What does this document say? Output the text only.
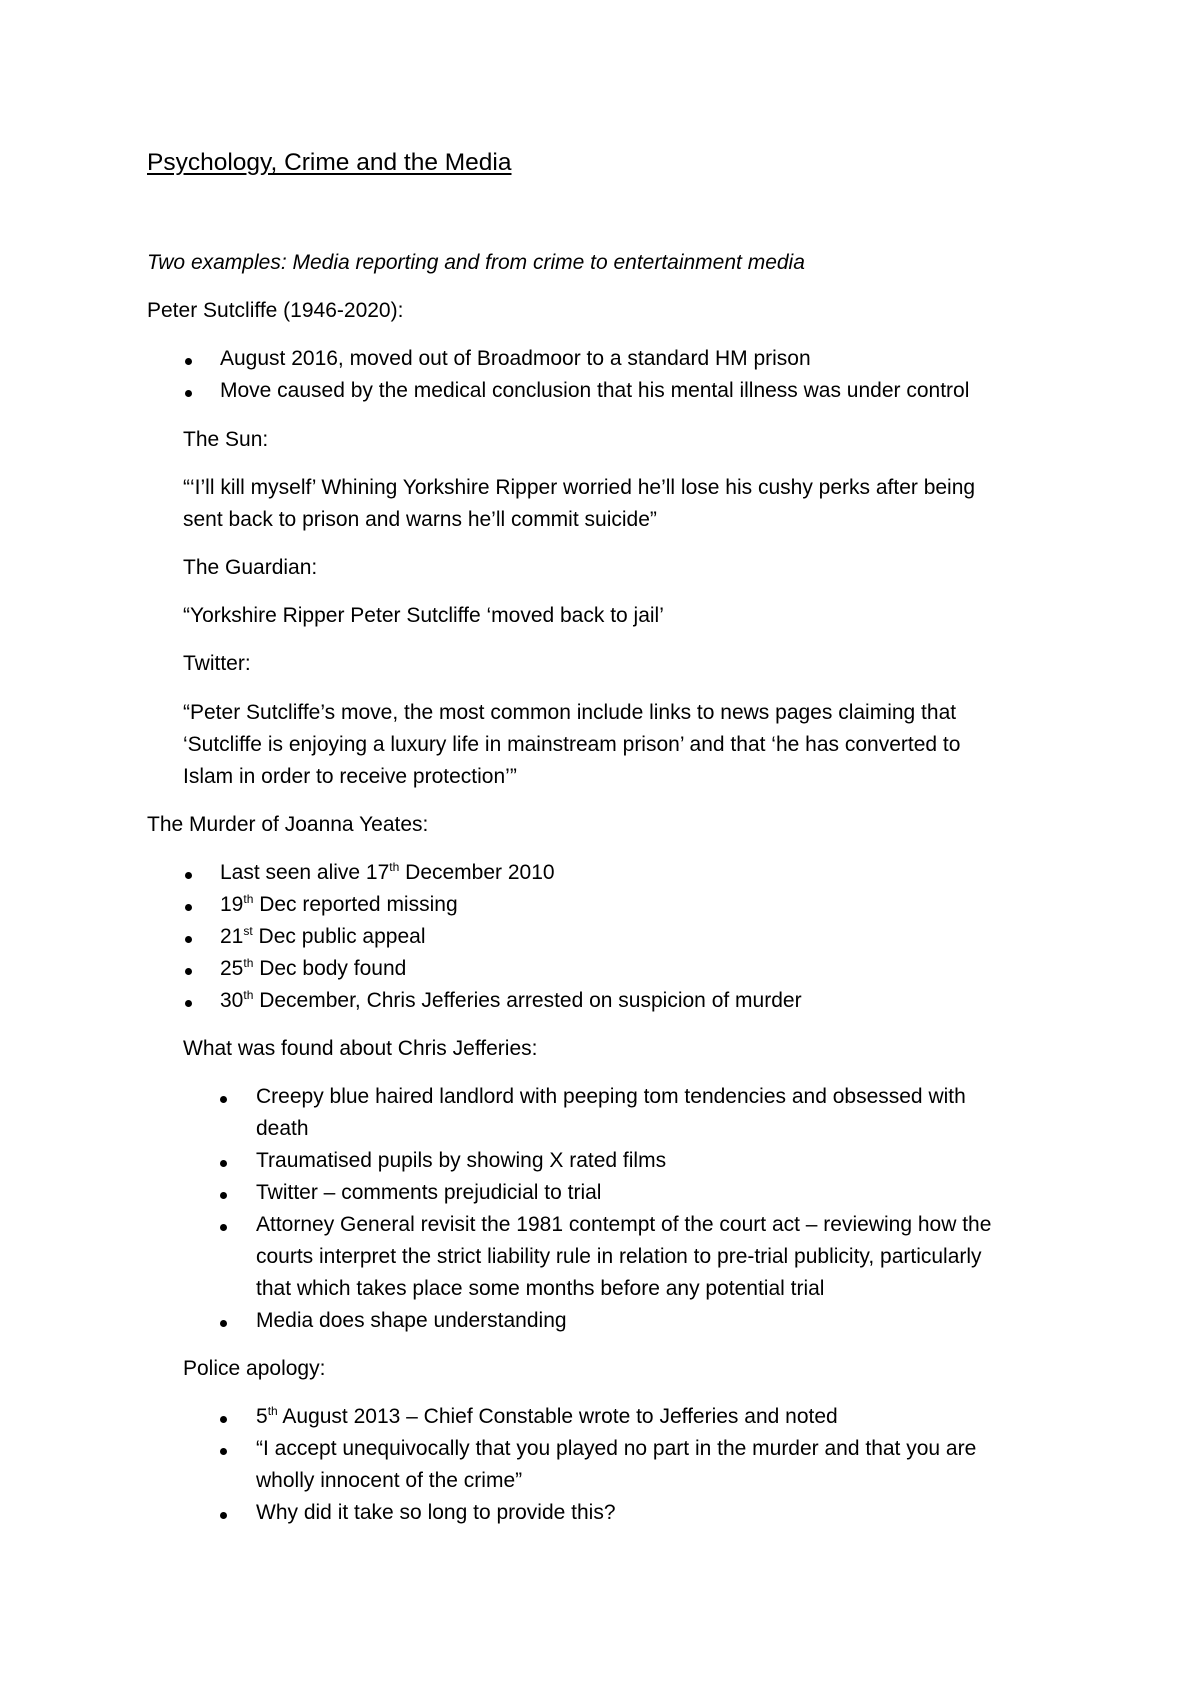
Psychology, Crime and the Media
Two examples: Media reporting and from crime to entertainment media
Peter Sutcliffe (1946-2020):
August 2016, moved out of Broadmoor to a standard HM prison
Move caused by the medical conclusion that his mental illness was under control
The Sun:
“‘I’ll kill myself’ Whining Yorkshire Ripper worried he’ll lose his cushy perks after being
sent back to prison and warns he’ll commit suicide”
The Guardian:
“Yorkshire Ripper Peter Sutcliffe ‘moved back to jail’
Twitter:
“Peter Sutcliffe’s move, the most common include links to news pages claiming that
‘Sutcliffe is enjoying a luxury life in mainstream prison’ and that ‘he has converted to
Islam in order to receive protection’”
The Murder of Joanna Yeates:
Last seen alive 17th December 2010
19th Dec reported missing
21st Dec public appeal
25th Dec body found
30th December, Chris Jefferies arrested on suspicion of murder
What was found about Chris Jefferies:
Creepy blue haired landlord with peeping tom tendencies and obsessed with
death
Traumatised pupils by showing X rated films
Twitter – comments prejudicial to trial
Attorney General revisit the 1981 contempt of the court act – reviewing how the
courts interpret the strict liability rule in relation to pre-trial publicity, particularly
that which takes place some months before any potential trial
Media does shape understanding
Police apology:
5th August 2013 – Chief Constable wrote to Jefferies and noted
“I accept unequivocally that you played no part in the murder and that you are
wholly innocent of the crime”
Why did it take so long to provide this?
